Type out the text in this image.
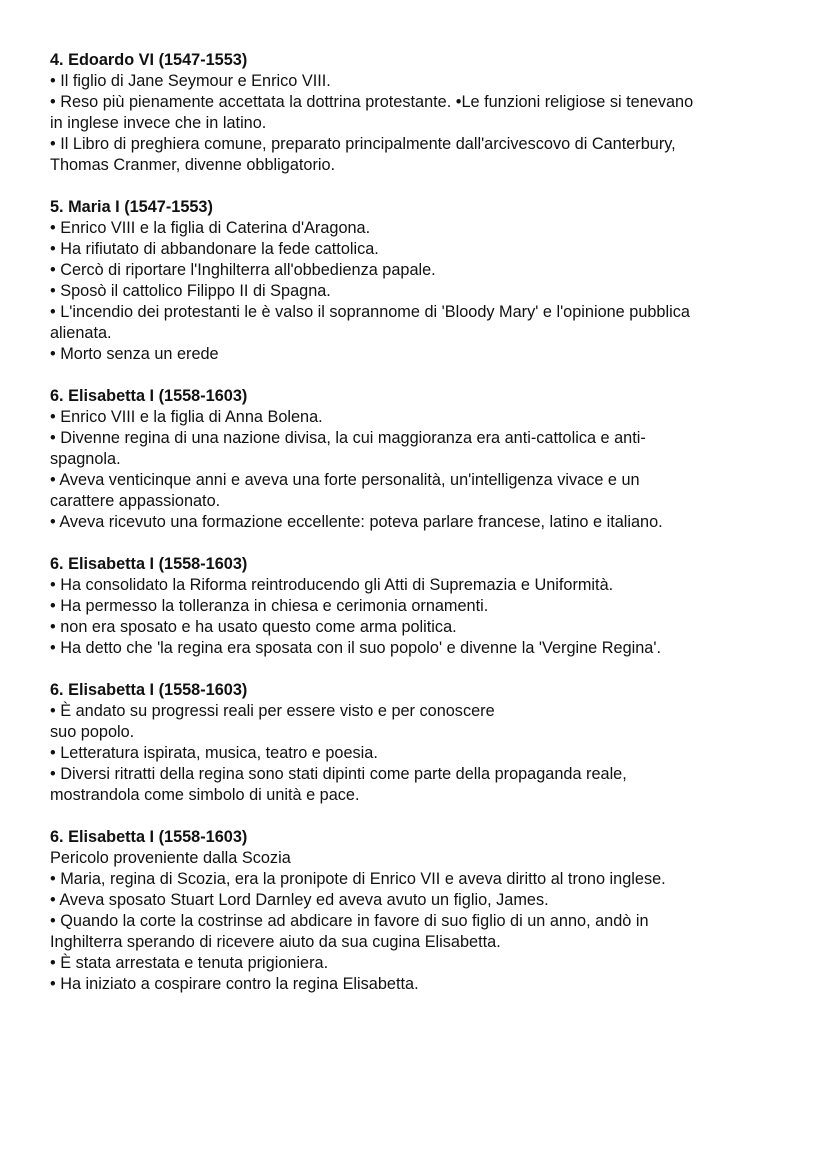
4. Edoardo VI (1547-1553)

• Il figlio di Jane Seymour e Enrico VIII.

• Reso più pienamente accettata la dottrina protestante. •Le funzioni religiose si tenevano

in inglese invece che in latino.

• Il Libro di preghiera comune, preparato principalmente dall'arcivescovo di Canterbury,

Thomas Cranmer, divenne obbligatorio.

5. Maria I (1547-1553)

• Enrico VIII e la figlia di Caterina d'Aragona.

• Ha rifiutato di abbandonare la fede cattolica.

• Cercò di riportare l'Inghilterra all'obbedienza papale.

• Sposò il cattolico Filippo II di Spagna.

• L'incendio dei protestanti le è valso il soprannome di 'Bloody Mary' e l'opinione pubblica

alienata.

• Morto senza un erede

6. Elisabetta I (1558-1603)

• Enrico VIII e la figlia di Anna Bolena.

• Divenne regina di una nazione divisa, la cui maggioranza era anti-cattolica e anti-

spagnola.

• Aveva venticinque anni e aveva una forte personalità, un'intelligenza vivace e un

carattere appassionato.

• Aveva ricevuto una formazione eccellente: poteva parlare francese, latino e italiano.

6. Elisabetta I (1558-1603)

• Ha consolidato la Riforma reintroducendo gli Atti di Supremazia e Uniformità.

• Ha permesso la tolleranza in chiesa e cerimonia ornamenti.

• non era sposato e ha usato questo come arma politica.

• Ha detto che 'la regina era sposata con il suo popolo' e divenne la 'Vergine Regina'.

6. Elisabetta I (1558-1603)

• È andato su progressi reali per essere visto e per conoscere

suo popolo.

• Letteratura ispirata, musica, teatro e poesia.

• Diversi ritratti della regina sono stati dipinti come parte della propaganda reale,

mostrandola come simbolo di unità e pace.

6. Elisabetta I (1558-1603)

Pericolo proveniente dalla Scozia

• Maria, regina di Scozia, era la pronipote di Enrico VII e aveva diritto al trono inglese.

• Aveva sposato Stuart Lord Darnley ed aveva avuto un figlio, James.

• Quando la corte la costrinse ad abdicare in favore di suo figlio di un anno, andò in

Inghilterra sperando di ricevere aiuto da sua cugina Elisabetta.

• È stata arrestata e tenuta prigioniera.

• Ha iniziato a cospirare contro la regina Elisabetta.
